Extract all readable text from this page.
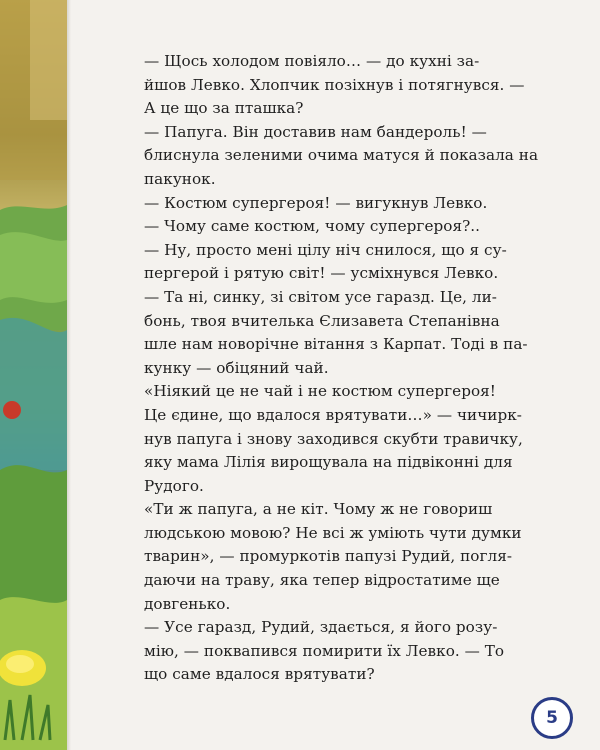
— Щось холодом повіяло… — до кухні за-
йшов Левко. Хлопчик позіхнув і потягнувся. —
А це що за пташка?

— Папуга. Він доставив нам бандероль! —
блиснула зеленими очима матуся й показала на
пакунок.

— Костюм супергероя! — вигукнув Левко.

— Чому саме костюм, чому супергероя?..

— Ну, просто мені цілу ніч снилося, що я су-
пергерой і рятую світ! — усміхнувся Левко.

— Та ні, синку, зі світом усе гаразд. Це, ли-
бонь, твоя вчителька Єлизавета Степанівна
шле нам новорічне вітання з Карпат. Тоді в па-
кунку — обіцяний чай.

«Ніякий це не чай і не костюм супергероя!
Це єдине, що вдалося врятувати…» — чичирк-
нув папуга і знову заходився скубти травичку,
яку мама Лілія вирощувала на підвіконні для
Рудого.

«Ти ж папуга, а не кіт. Чому ж не говориш
людською мовою? Не всі ж уміють чути думки
тварин», — промуркотів папузі Рудий, погля-
даючи на траву, яка тепер відростатиме ще
довгенько.

— Усе гаразд, Рудий, здається, я його розу-
мію, — поквапився помирити їх Левко. — То
що саме вдалося врятувати?

5
